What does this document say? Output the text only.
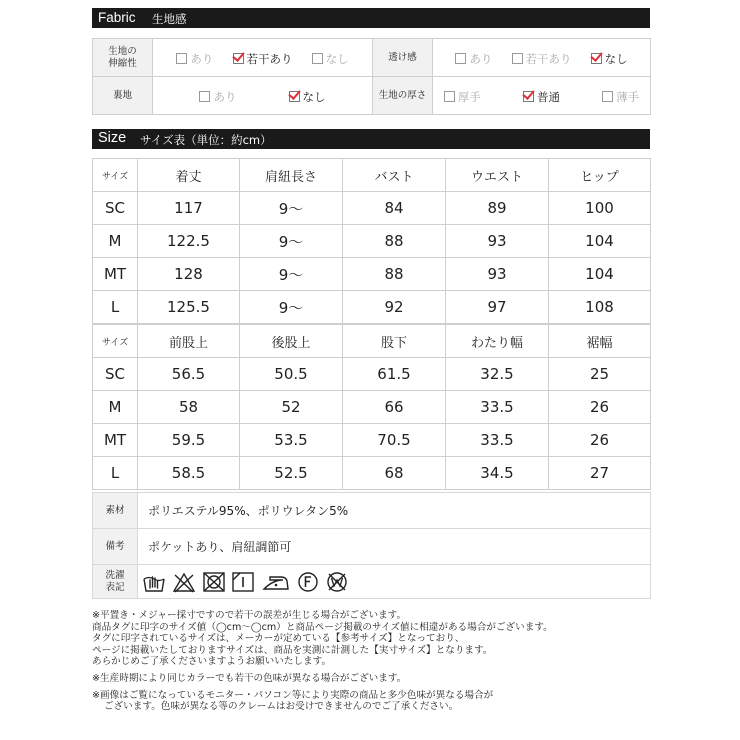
Fabric 生地感
生地の
伸縮性	あり 若干あり なし	透け感	あり 若干あり なし
裏地	あり なし	生地の厚さ	厚手 普通 薄手
Size サイズ表（単位：約cm）
サイズ	着丈	肩紐長さ	バスト	ウエスト	ヒップ
SC	117	9〜	84	89	100
M	122.5	9〜	88	93	104
MT	128	9〜	88	93	104
L	125.5	9〜	92	97	108
サイズ	前股上	後股上	股下	わたり幅	裾幅
SC	56.5	50.5	61.5	32.5	25
M	58	52	66	33.5	26
MT	59.5	53.5	70.5	33.5	26
L	58.5	52.5	68	34.5	27
素材	ポリエステル95%、ポリウレタン5%
備考	ポケットあり、肩紐調節可

洗濯
表記

※平置き・メジャー採寸ですので若干の誤差が生じる場合がございます。
商品タグに印字のサイズ値（◯cm〜◯cm）と商品ページ掲載のサイズ値に相違がある場合がございます。
タグに印字されているサイズは、メーカーが定めている【参考サイズ】となっており、
ページに掲載いたしておりますサイズは、商品を実測に計測した【実寸サイズ】となります。
あらかじめご了承くださいますようお願いいたします。
※生産時期により同じカラーでも若干の色味が異なる場合がございます。
※画像はご覧になっているモニター・パソコン等により実際の商品と多少色味が異なる場合が
ございます。色味が異なる等のクレームはお受けできませんのでご了承ください。
